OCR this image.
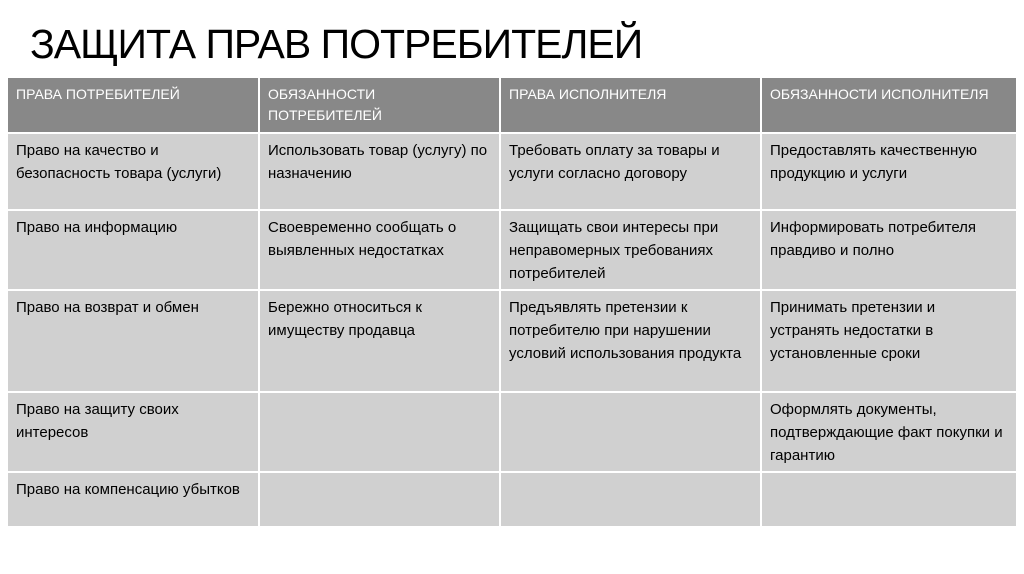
ЗАЩИТА ПРАВ ПОТРЕБИТЕЛЕЙ
ПРАВА ПОТРЕБИТЕЛЕЙ	ОБЯЗАННОСТИ ПОТРЕБИТЕЛЕЙ	ПРАВА ИСПОЛНИТЕЛЯ	ОБЯЗАННОСТИ ИСПОЛНИТЕЛЯ
Право на качество и безопасность товара (услуги)	Использовать товар (услугу) по назначению	Требовать оплату за товары и услуги согласно договору	Предоставлять качественную продукцию и услуги
Право на информацию	Своевременно сообщать о выявленных недостатках	Защищать свои интересы при неправомерных требованиях потребителей	Информировать потребителя правдиво и полно
Право на возврат и обмен	Бережно относиться к имуществу продавца	Предъявлять претензии к потребителю при нарушении условий использования продукта	Принимать претензии и устранять недостатки в установленные сроки
Право на защиту своих интересов			Оформлять документы, подтверждающие факт покупки и гарантию
Право на компенсацию убытков			
